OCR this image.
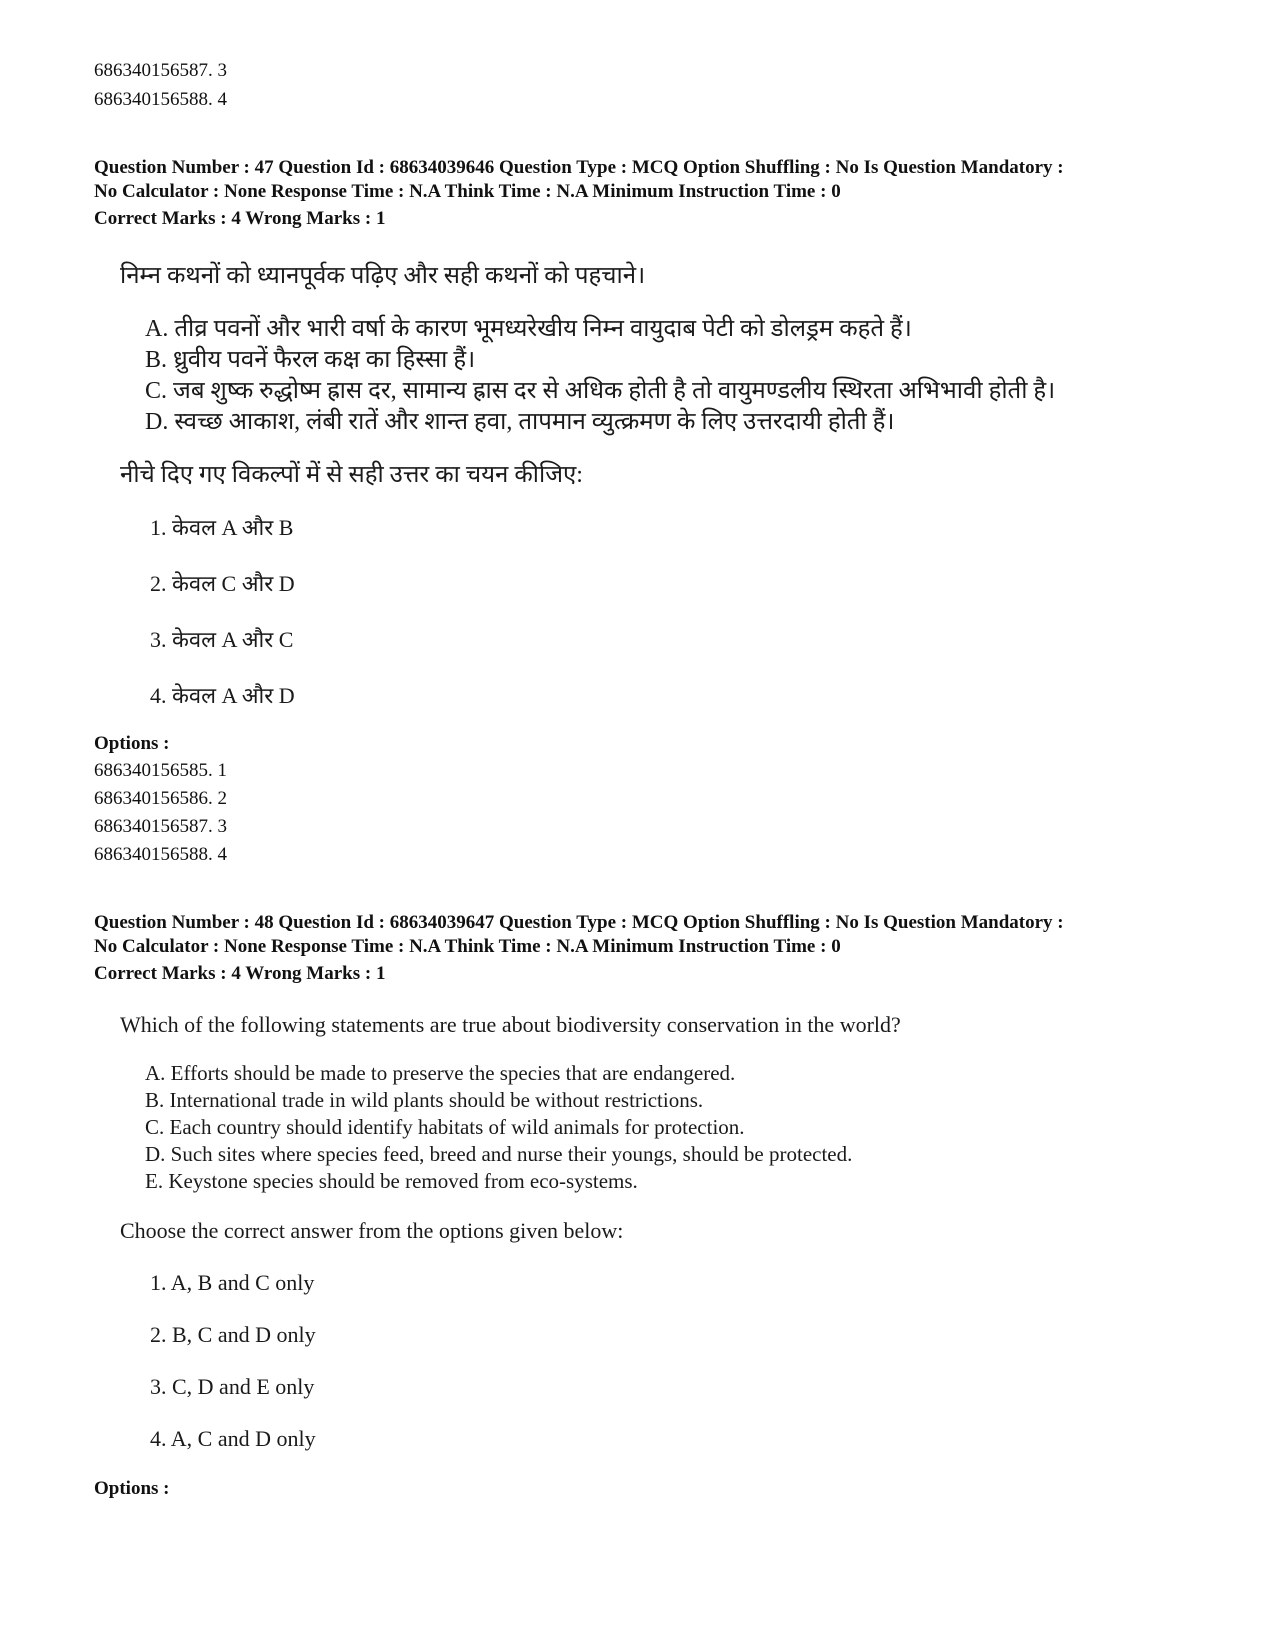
686340156587. 3
686340156588. 4
Question Number : 47 Question Id : 68634039646 Question Type : MCQ Option Shuffling : No Is Question Mandatory :
No Calculator : None Response Time : N.A Think Time : N.A Minimum Instruction Time : 0
Correct Marks : 4 Wrong Marks : 1
निम्न कथनों को ध्यानपूर्वक पढ़िए और सही कथनों को पहचाने।
A. तीव्र पवनों और भारी वर्षा के कारण भूमध्यरेखीय निम्न वायुदाब पेटी को डोलड्रम कहते हैं।
B. ध्रुवीय पवनें फैरल कक्ष का हिस्सा हैं।
C. जब शुष्क रुद्धोष्म ह्रास दर, सामान्य ह्रास दर से अधिक होती है तो वायुमण्डलीय स्थिरता अभिभावी होती है।
D. स्वच्छ आकाश, लंबी रातें और शान्त हवा, तापमान व्युत्क्रमण के लिए उत्तरदायी होती हैं।
नीचे दिए गए विकल्पों में से सही उत्तर का चयन कीजिए:
1. केवल A और B
2. केवल C और D
3. केवल A और C
4. केवल A और D
Options :
686340156585. 1
686340156586. 2
686340156587. 3
686340156588. 4
Question Number : 48 Question Id : 68634039647 Question Type : MCQ Option Shuffling : No Is Question Mandatory :
No Calculator : None Response Time : N.A Think Time : N.A Minimum Instruction Time : 0
Correct Marks : 4 Wrong Marks : 1
Which of the following statements are true about biodiversity conservation in the world?
A. Efforts should be made to preserve the species that are endangered.
B. International trade in wild plants should be without restrictions.
C. Each country should identify habitats of wild animals for protection.
D. Such sites where species feed, breed and nurse their youngs, should be protected.
E. Keystone species should be removed from eco-systems.
Choose the correct answer from the options given below:
1. A, B and C only
2. B, C and D only
3. C, D and E only
4. A, C and D only
Options :
